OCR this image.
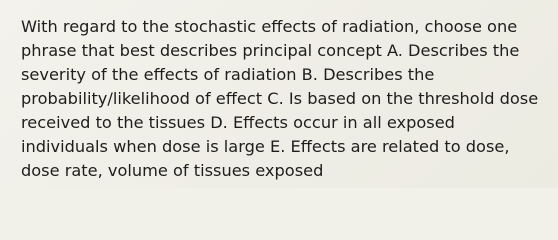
With regard to the stochastic effects of radiation, choose one phrase that best describes principal concept A. Describes the severity of the effects of radiation B. Describes the probability/likelihood of effect C. Is based on the threshold dose received to the tissues D. Effects occur in all exposed individuals when dose is large E. Effects are related to dose, dose rate, volume of tissues exposed
